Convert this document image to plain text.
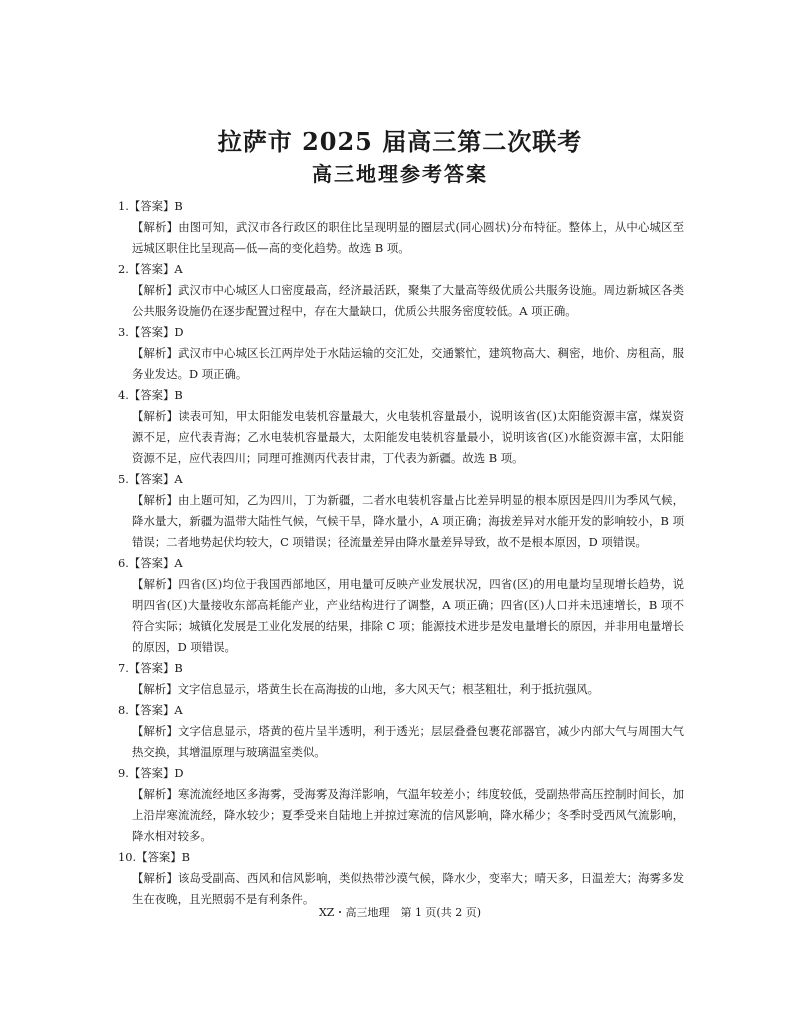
拉萨市 2025 届高三第二次联考
高三地理参考答案
1.【答案】B
【解析】由图可知，武汉市各行政区的职住比呈现明显的圈层式(同心圆状)分布特征。整体上，从中心城区至远城区职住比呈现高—低—高的变化趋势。故选 B 项。
2.【答案】A
【解析】武汉市中心城区人口密度最高，经济最活跃，聚集了大量高等级优质公共服务设施。周边新城区各类公共服务设施仍在逐步配置过程中，存在大量缺口，优质公共服务密度较低。A 项正确。
3.【答案】D
【解析】武汉市中心城区长江两岸处于水陆运输的交汇处，交通繁忙，建筑物高大、稠密，地价、房租高，服务业发达。D 项正确。
4.【答案】B
【解析】读表可知，甲太阳能发电装机容量最大，火电装机容量最小，说明该省(区)太阳能资源丰富，煤炭资源不足，应代表青海；乙水电装机容量最大，太阳能发电装机容量最小，说明该省(区)水能资源丰富，太阳能资源不足，应代表四川；同理可推测丙代表甘肃，丁代表为新疆。故选 B 项。
5.【答案】A
【解析】由上题可知，乙为四川，丁为新疆，二者水电装机容量占比差异明显的根本原因是四川为季风气候，降水量大，新疆为温带大陆性气候，气候干旱，降水量小，A 项正确；海拔差异对水能开发的影响较小，B 项错误；二者地势起伏均较大，C 项错误；径流量差异由降水量差异导致，故不是根本原因，D 项错误。
6.【答案】A
【解析】四省(区)均位于我国西部地区，用电量可反映产业发展状况，四省(区)的用电量均呈现增长趋势，说明四省(区)大量接收东部高耗能产业，产业结构进行了调整，A 项正确；四省(区)人口并未迅速增长，B 项不符合实际；城镇化发展是工业化发展的结果，排除 C 项；能源技术进步是发电量增长的原因，并非用电量增长的原因，D 项错误。
7.【答案】B
【解析】文字信息显示，塔黄生长在高海拔的山地，多大风天气；根茎粗壮，利于抵抗强风。
8.【答案】A
【解析】文字信息显示，塔黄的苞片呈半透明，利于透光；层层叠叠包裹花部器官，减少内部大气与周围大气热交换，其增温原理与玻璃温室类似。
9.【答案】D
【解析】寒流流经地区多海雾，受海雾及海洋影响，气温年较差小；纬度较低，受副热带高压控制时间长，加上沿岸寒流流经，降水较少；夏季受来自陆地上并掠过寒流的信风影响，降水稀少；冬季时受西风气流影响，降水相对较多。
10.【答案】B
【解析】该岛受副高、西风和信风影响，类似热带沙漠气候，降水少，变率大；晴天多，日温差大；海雾多发生在夜晚，且光照弱不是有利条件。
XZ・高三地理　第 1 页(共 2 页)
